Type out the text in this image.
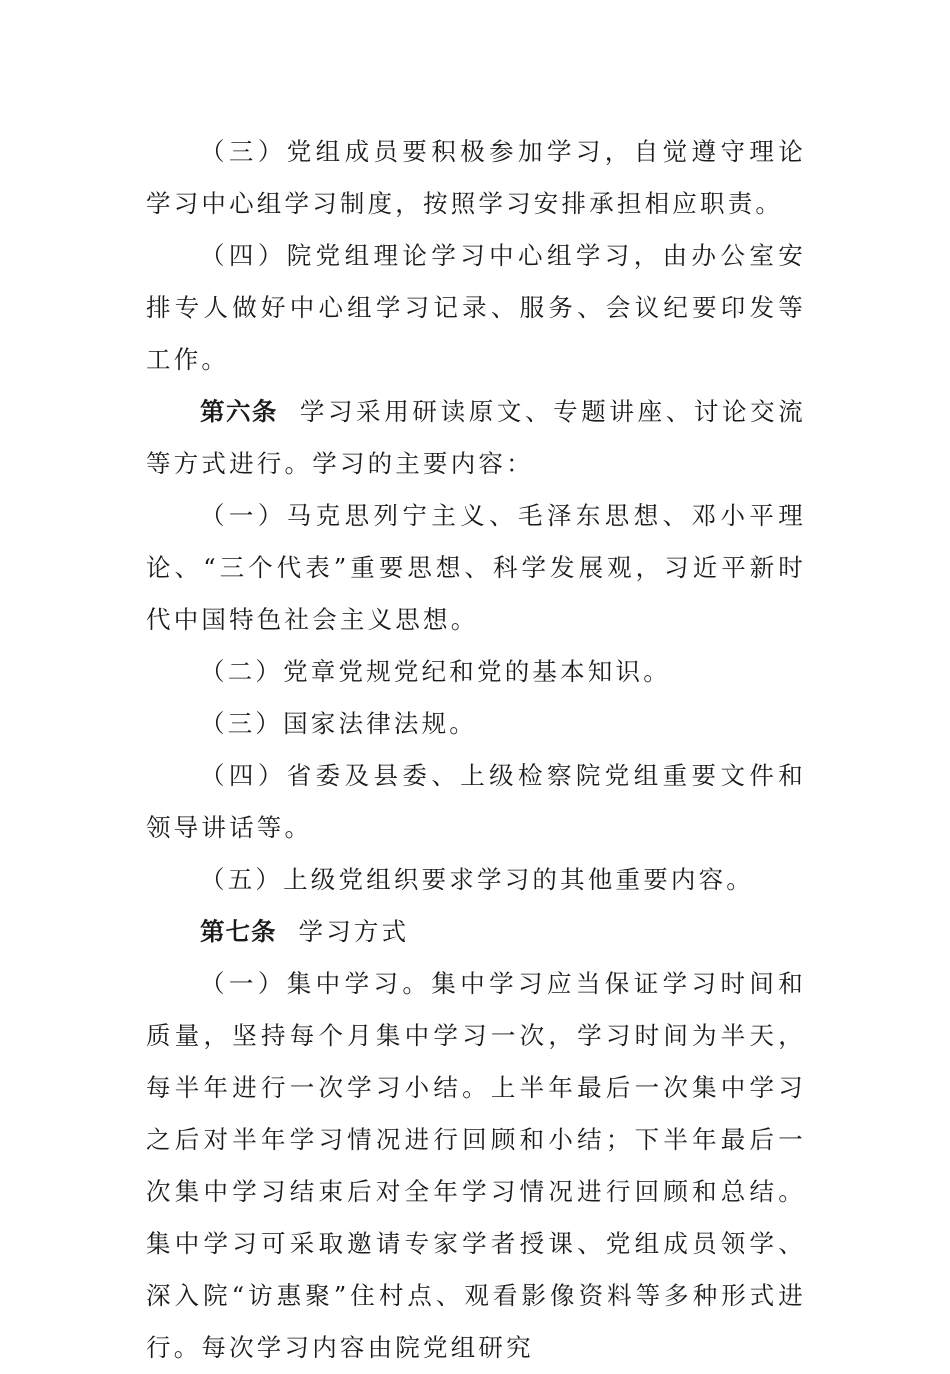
（三）党组成员要积极参加学习，自觉遵守理论学习中心组学习制度，按照学习安排承担相应职责。

（四）院党组理论学习中心组学习，由办公室安排专人做好中心组学习记录、服务、会议纪要印发等工作。

第六条 学习采用研读原文、专题讲座、讨论交流等方式进行。学习的主要内容：

（一）马克思列宁主义、毛泽东思想、邓小平理论、“三个代表”重要思想、科学发展观，习近平新时代中国特色社会主义思想。

（二）党章党规党纪和党的基本知识。

（三）国家法律法规。

（四）省委及县委、上级检察院党组重要文件和领导讲话等。

（五）上级党组织要求学习的其他重要内容。

第七条 学习方式

（一）集中学习。集中学习应当保证学习时间和质量，坚持每个月集中学习一次，学习时间为半天，每半年进行一次学习小结。上半年最后一次集中学习之后对半年学习情况进行回顾和小结；下半年最后一次集中学习结束后对全年学习情况进行回顾和总结。集中学习可采取邀请专家学者授课、党组成员领学、深入院“访惠聚”住村点、观看影像资料等多种形式进行。每次学习内容由院党组研究
